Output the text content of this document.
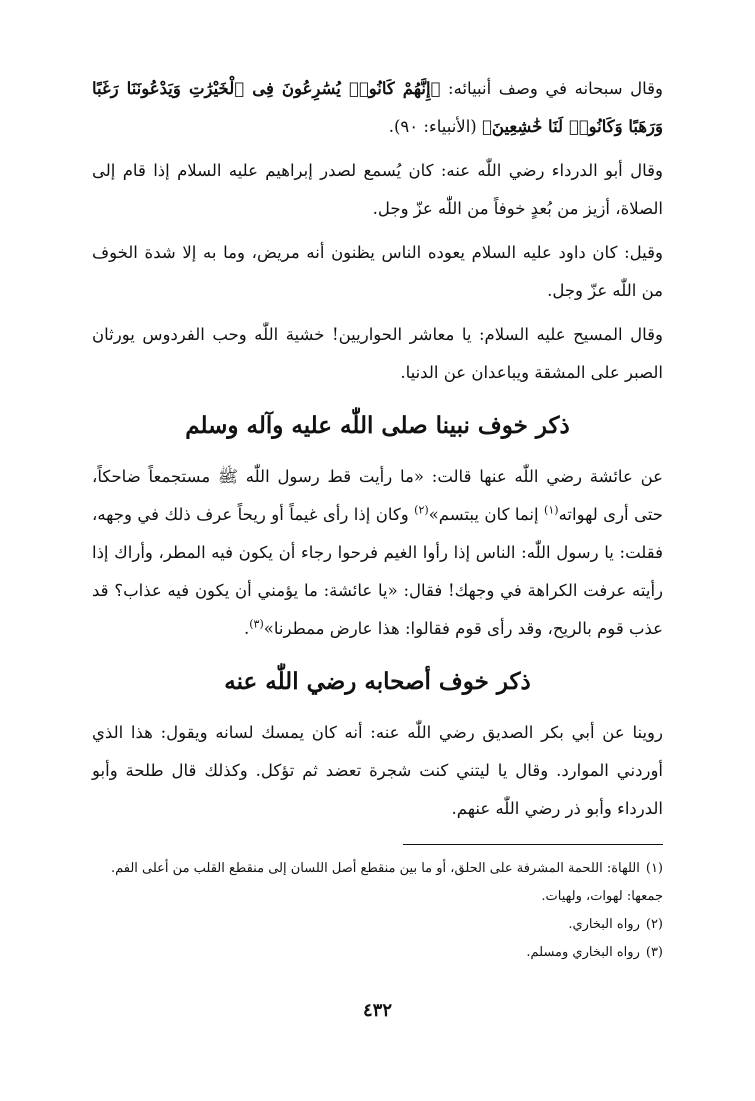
وقال سبحانه في وصف أنبيائه: ﴿إِنَّهُمْ كَانُوا۟ يُسَٰرِعُونَ فِى ٱلْخَيْرَٰتِ وَيَدْعُونَنَا رَغَبًا وَرَهَبًا وَكَانُوا۟ لَنَا خَٰشِعِينَ﴾ (الأنبياء: ٩٠).

وقال أبو الدرداء رضي اللّٰه عنه: كان يُسمع لصدر إبراهيم عليه السلام إذا قام إلى الصلاة، أزيز من بُعدٍ خوفاً من اللّٰه عزّ وجل.

وقيل: كان داود عليه السلام يعوده الناس يظنون أنه مريض، وما به إلا شدة الخوف من اللّٰه عزّ وجل.

وقال المسيح عليه السلام: يا معاشر الحواريين! خشية اللّٰه وحب الفردوس يورثان الصبر على المشقة ويباعدان عن الدنيا.

ذكر خوف نبينا صلى اللّٰه عليه وآله وسلم

عن عائشة رضي اللّٰه عنها قالت: «ما رأيت قط رسول اللّٰه ﷺ مستجمعاً ضاحكاً، حتى أرى لهواته$^{(١)}$ إنما كان يبتسم»$^{(٢)}$ وكان إذا رأى غيماً أو ريحاً عرف ذلك في وجهه، فقلت: يا رسول اللّٰه: الناس إذا رأوا الغيم فرحوا رجاء أن يكون فيه المطر، وأراك إذا رأيته عرفت الكراهة في وجهك! فقال: «يا عائشة: ما يؤمني أن يكون فيه عذاب؟ قد عذب قوم بالريح، وقد رأى قوم فقالوا: هذا عارض ممطرنا»$^{(٣)}$.

ذكر خوف أصحابه رضي اللّٰه عنه

روينا عن أبي بكر الصديق رضي اللّٰه عنه: أنه كان يمسك لسانه ويقول: هذا الذي أوردني الموارد. وقال يا ليتني كنت شجرة تعضد ثم تؤكل. وكذلك قال طلحة وأبو الدرداء وأبو ذر رضي اللّٰه عنهم.

(١)اللهاة: اللحمة المشرفة على الحلق، أو ما بين منقطع أصل اللسان إلى منقطع القلب من أعلى الفم. جمعها: لهوات، ولهيات.

(٢)رواه البخاري.

(٣)رواه البخاري ومسلم.

٤٣٢
